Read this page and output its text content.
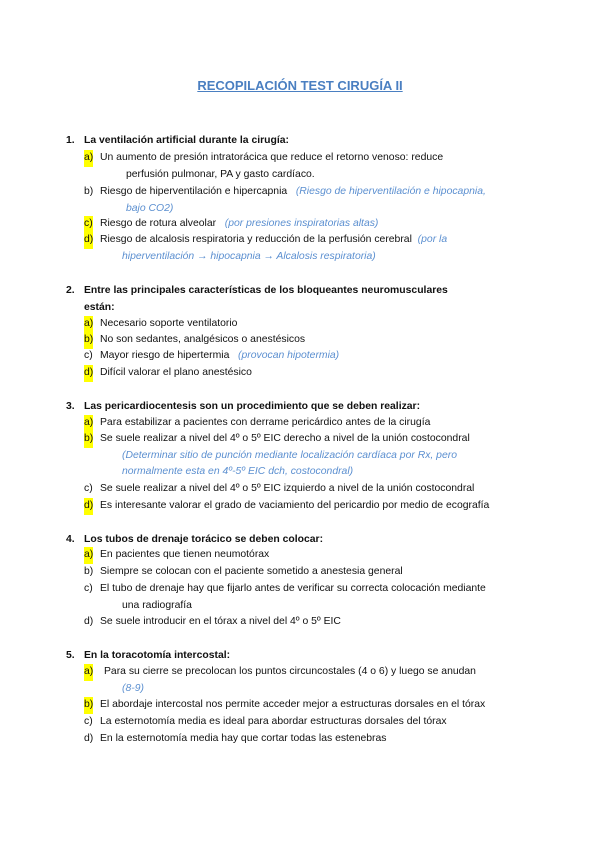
RECOPILACIÓN TEST CIRUGÍA II
1. La ventilación artificial durante la cirugía:
a) Un aumento de presión intratorácica que reduce el retorno venoso: reduce
perfusión pulmonar, PA y gasto cardíaco.
b) Riesgo de hiperventilación e hipercapnia (Riesgo de hiperventilación e hipocapnia,
bajo CO2)
c) Riesgo de rotura alveolar (por presiones inspiratorias altas)
d) Riesgo de alcalosis respiratoria y reducción de la perfusión cerebral (por la
hiperventilación → hipocapnia → Alcalosis respiratoria)
2. Entre las principales características de los bloqueantes neuromusculares
están:
a) Necesario soporte ventilatorio
b) No son sedantes, analgésicos o anestésicos
c) Mayor riesgo de hipertermia (provocan hipotermia)
d) Difícil valorar el plano anestésico
3. Las pericardiocentesis son un procedimiento que se deben realizar:
a) Para estabilizar a pacientes con derrame pericárdico antes de la cirugía
b) Se suele realizar a nivel del 4º o 5º EIC derecho a nivel de la unión costocondral
(Determinar sitio de punción mediante localización cardíaca por Rx, pero
normalmente esta en 4º-5º EIC dch, costocondral)
c) Se suele realizar a nivel del 4º o 5º EIC izquierdo a nivel de la unión costocondral
d) Es interesante valorar el grado de vaciamiento del pericardio por medio de ecografía
4. Los tubos de drenaje torácico se deben colocar:
a) En pacientes que tienen neumotórax
b) Siempre se colocan con el paciente sometido a anestesia general
c) El tubo de drenaje hay que fijarlo antes de verificar su correcta colocación mediante
una radiografía
d) Se suele introducir en el tórax a nivel del 4º o 5º EIC
5. En la toracotomía intercostal:
a)	Para su cierre se precolocan los puntos circuncostales (4 o 6) y luego se anudan
(8-9)
b) El abordaje intercostal nos permite acceder mejor a estructuras dorsales en el tórax
c) La esternotomía media es ideal para abordar estructuras dorsales del tórax
d) En la esternotomía media hay que cortar todas las estenebras
